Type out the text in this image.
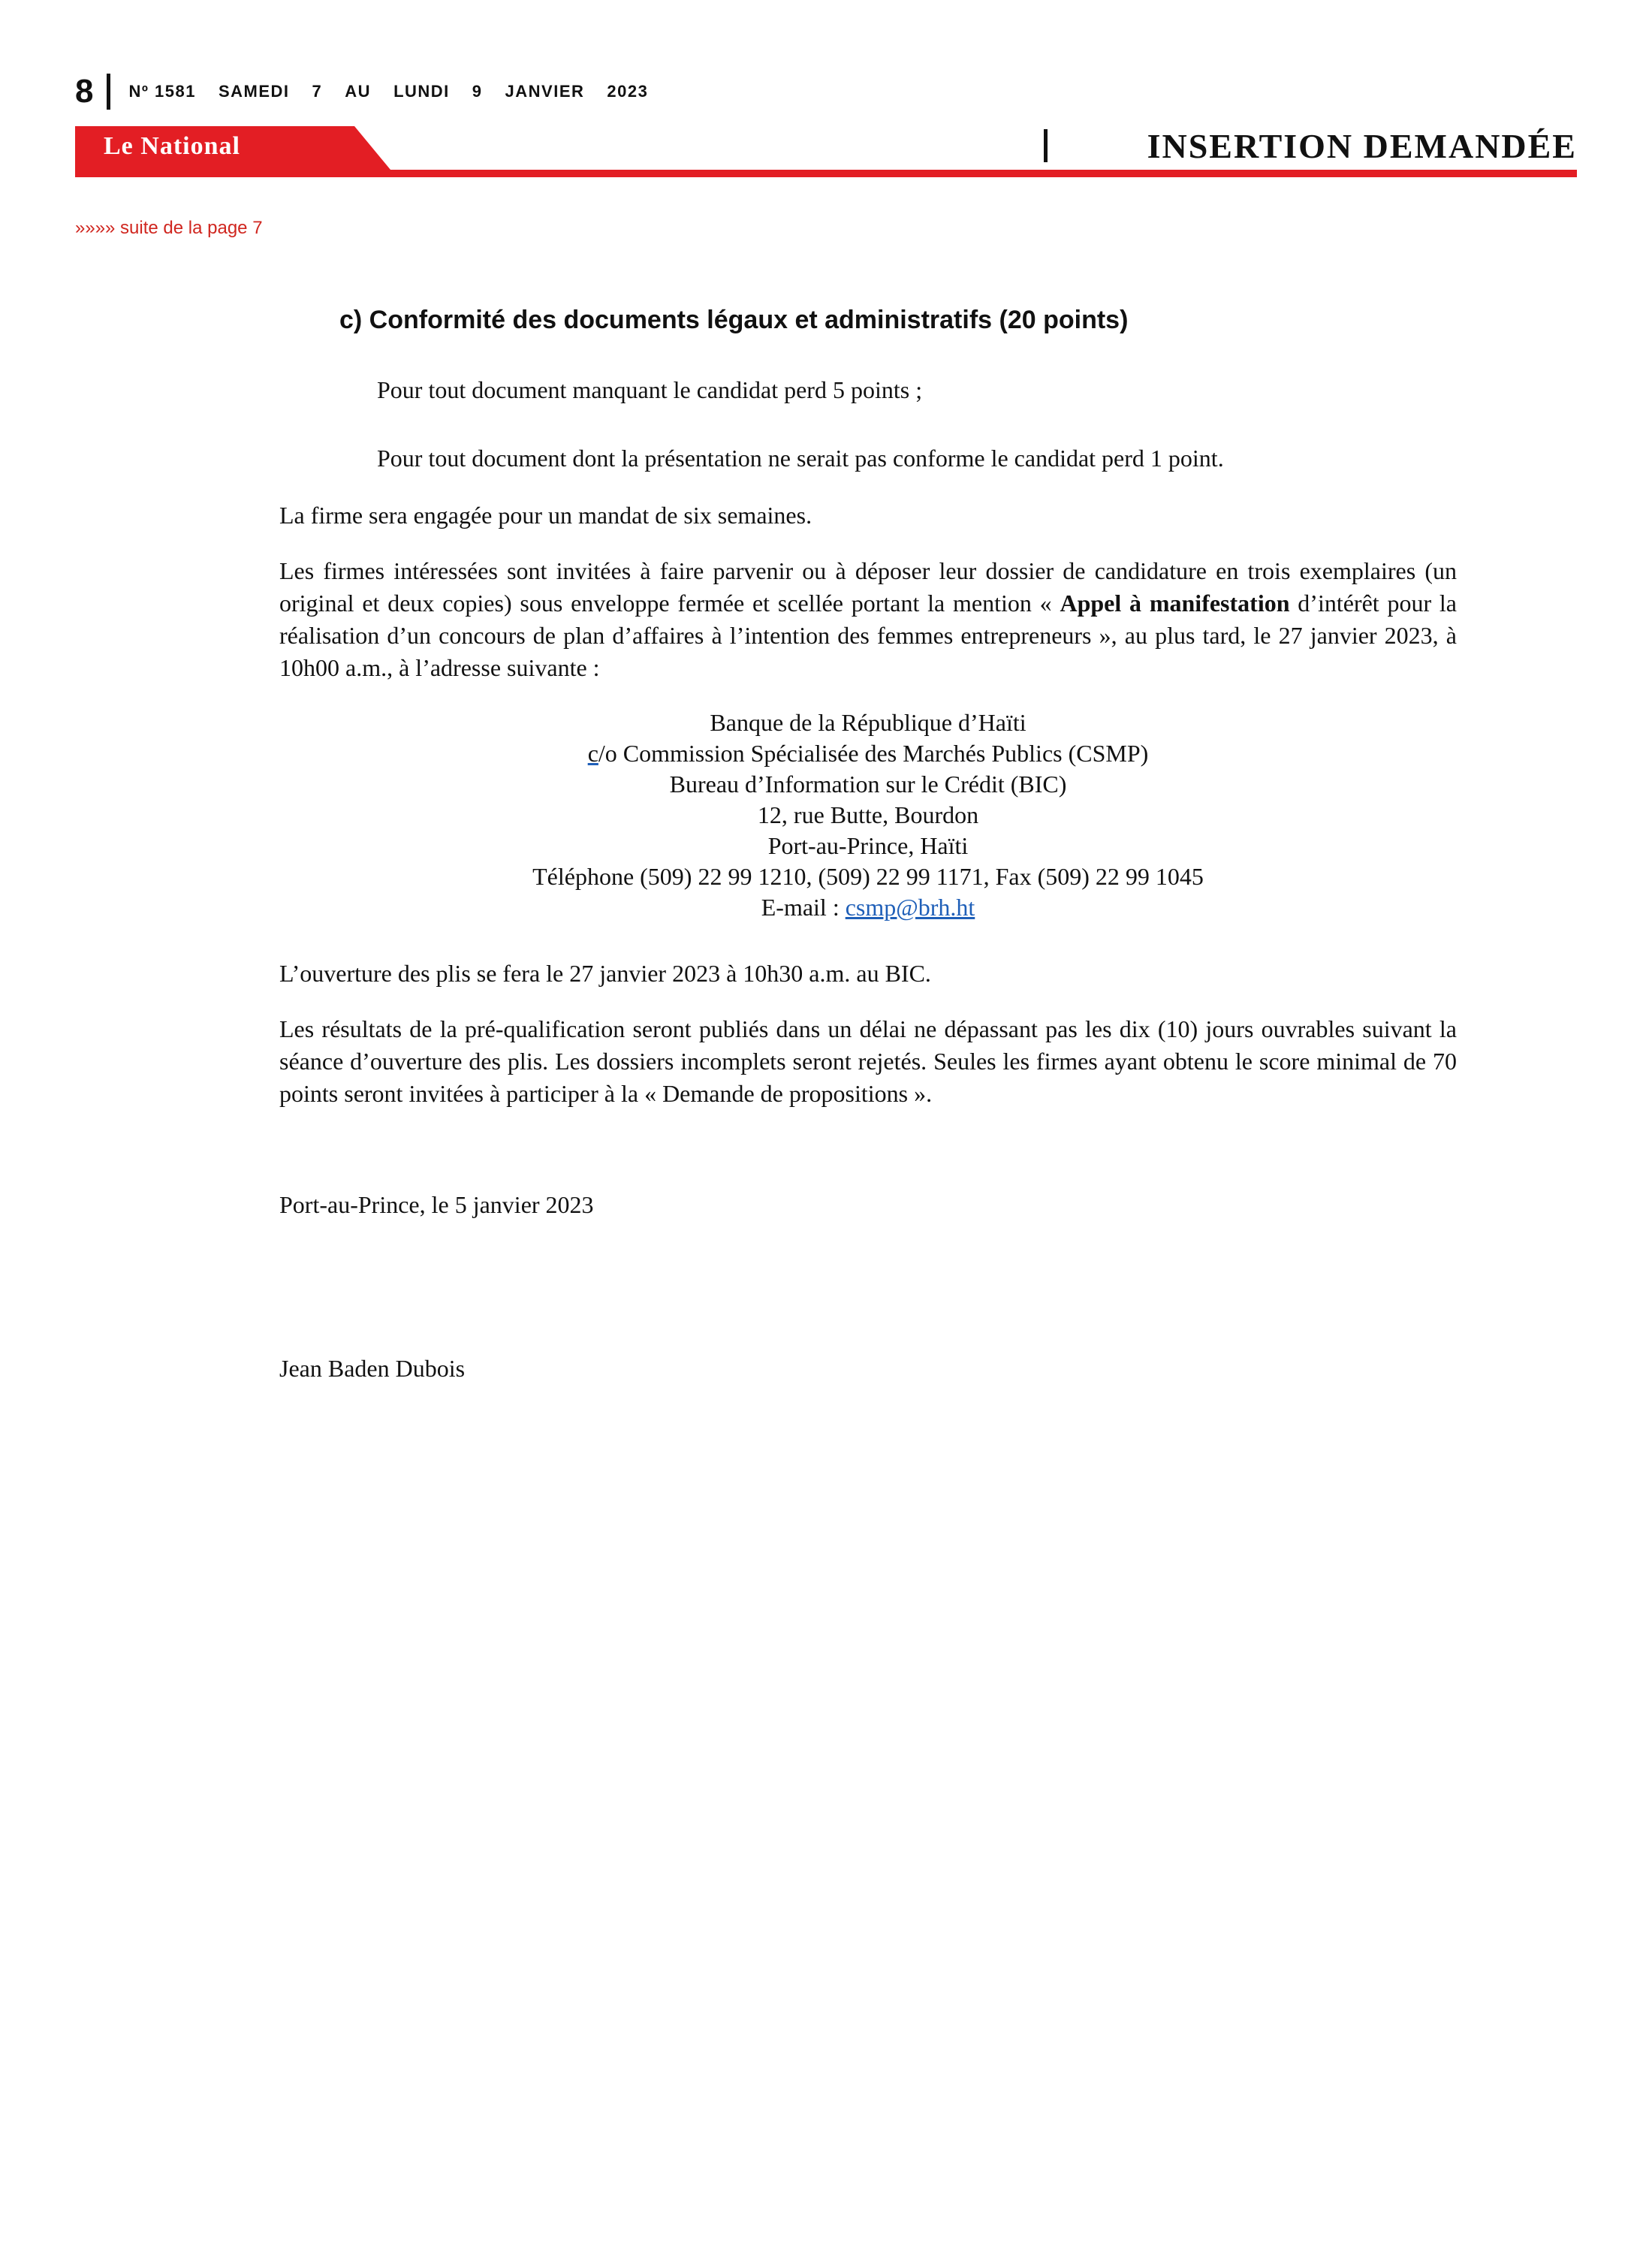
8 Nº 1581 SAMEDI 7 AU LUNDI 9 JANVIER 2023
Le National	INSERTION DEMANDÉE
»»»» suite de la page 7
c) Conformité des documents légaux et administratifs (20 points)
Pour tout document manquant le candidat perd 5 points ;
Pour tout document dont la présentation ne serait pas conforme le candidat perd 1 point.

La firme sera engagée pour un mandat de six semaines.

Les firmes intéressées sont invitées à faire parvenir ou à déposer leur dossier de candidature en trois exemplaires (un original et deux copies) sous enveloppe fermée et scellée portant la mention « Appel à manifestation d’intérêt pour la réalisation d’un concours de plan d’affaires à l’intention des femmes entrepreneurs », au plus tard, le 27 janvier 2023, à 10h00 a.m., à l’adresse suivante :

Banque de la République d’Haïti
c/o Commission Spécialisée des Marchés Publics (CSMP)
Bureau d’Information sur le Crédit (BIC)
12, rue Butte, Bourdon
Port-au-Prince, Haïti
Téléphone (509) 22 99 1210, (509) 22 99 1171, Fax (509) 22 99 1045
E-mail : csmp@brh.ht

L’ouverture des plis se fera le 27 janvier 2023 à 10h30 a.m. au BIC.

Les résultats de la pré-qualification seront publiés dans un délai ne dépassant pas les dix (10) jours ouvrables suivant la séance d’ouverture des plis. Les dossiers incomplets seront rejetés. Seules les firmes ayant obtenu le score minimal de 70 points seront invitées à participer à la « Demande de propositions ».

Port-au-Prince, le 5 janvier 2023
Jean Baden Dubois
